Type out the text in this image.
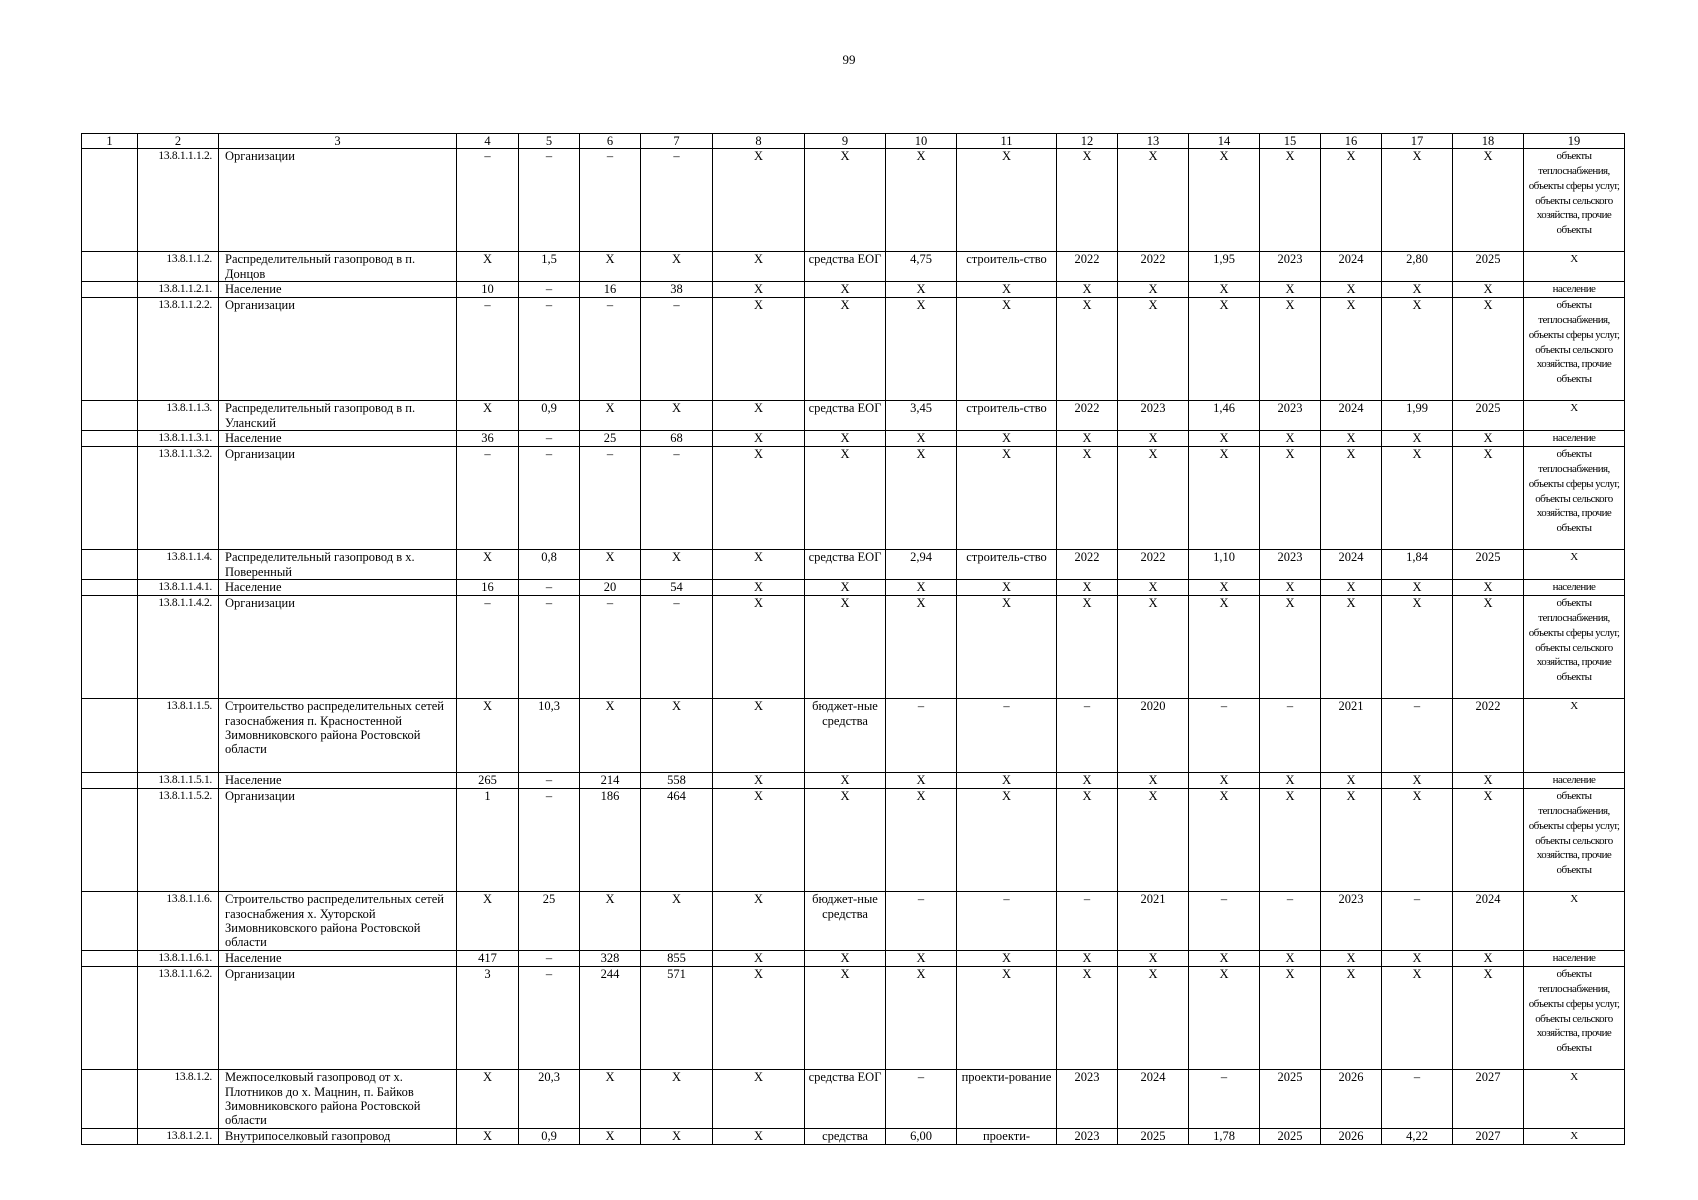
99
1	2	3	4	5	6	7	8	9	10	11	12	13	14	15	16	17	18	19
	13.8.1.1.1.2.	Организации	–	–	–	–	Х	Х	Х	Х	Х	Х	Х	Х	Х	Х	Х	объекты теплоснабжения, объекты сферы услуг, объекты сельского хозяйства, прочие объекты
	13.8.1.1.2.	Распределительный газопровод в п. Донцов	Х	1,5	Х	Х	Х	средства ЕОГ	4,75	строитель-ство	2022	2022	1,95	2023	2024	2,80	2025	Х
	13.8.1.1.2.1.	Население	10	–	16	38	Х	Х	Х	Х	Х	Х	Х	Х	Х	Х	Х	население
	13.8.1.1.2.2.	Организации	–	–	–	–	Х	Х	Х	Х	Х	Х	Х	Х	Х	Х	Х	объекты теплоснабжения, объекты сферы услуг, объекты сельского хозяйства, прочие объекты
	13.8.1.1.3.	Распределительный газопровод в п. Уланский	Х	0,9	Х	Х	Х	средства ЕОГ	3,45	строитель-ство	2022	2023	1,46	2023	2024	1,99	2025	Х
	13.8.1.1.3.1.	Население	36	–	25	68	Х	Х	Х	Х	Х	Х	Х	Х	Х	Х	Х	население
	13.8.1.1.3.2.	Организации	–	–	–	–	Х	Х	Х	Х	Х	Х	Х	Х	Х	Х	Х	объекты теплоснабжения, объекты сферы услуг, объекты сельского хозяйства, прочие объекты
	13.8.1.1.4.	Распределительный газопровод в х. Поверенный	Х	0,8	Х	Х	Х	средства ЕОГ	2,94	строитель-ство	2022	2022	1,10	2023	2024	1,84	2025	Х
	13.8.1.1.4.1.	Население	16	–	20	54	Х	Х	Х	Х	Х	Х	Х	Х	Х	Х	Х	население
	13.8.1.1.4.2.	Организации	–	–	–	–	Х	Х	Х	Х	Х	Х	Х	Х	Х	Х	Х	объекты теплоснабжения, объекты сферы услуг, объекты сельского хозяйства, прочие объекты
	13.8.1.1.5.	Строительство распределительных сетей газоснабжения п. Красностенной Зимовниковского района Ростовской области	Х	10,3	Х	Х	Х	бюджет-ные средства	–	–	–	2020	–	–	2021	–	2022	Х
	13.8.1.1.5.1.	Население	265	–	214	558	Х	Х	Х	Х	Х	Х	Х	Х	Х	Х	Х	население
	13.8.1.1.5.2.	Организации	1	–	186	464	Х	Х	Х	Х	Х	Х	Х	Х	Х	Х	Х	объекты теплоснабжения, объекты сферы услуг, объекты сельского хозяйства, прочие объекты
	13.8.1.1.6.	Строительство распределительных сетей газоснабжения х. Хуторской Зимовниковского района Ростовской области	Х	25	Х	Х	Х	бюджет-ные средства	–	–	–	2021	–	–	2023	–	2024	Х
	13.8.1.1.6.1.	Население	417	–	328	855	Х	Х	Х	Х	Х	Х	Х	Х	Х	Х	Х	население
	13.8.1.1.6.2.	Организации	3	–	244	571	Х	Х	Х	Х	Х	Х	Х	Х	Х	Х	Х	объекты теплоснабжения, объекты сферы услуг, объекты сельского хозяйства, прочие объекты
	13.8.1.2.	Межпоселковый газопровод от х. Плотников до х. Мацнин, п. Байков Зимовниковского района Ростовской области	Х	20,3	Х	Х	Х	средства ЕОГ	–	проекти-рование	2023	2024	–	2025	2026	–	2027	Х
	13.8.1.2.1.	Внутрипоселковый газопровод	Х	0,9	Х	Х	Х	средства	6,00	проекти-	2023	2025	1,78	2025	2026	4,22	2027	Х
